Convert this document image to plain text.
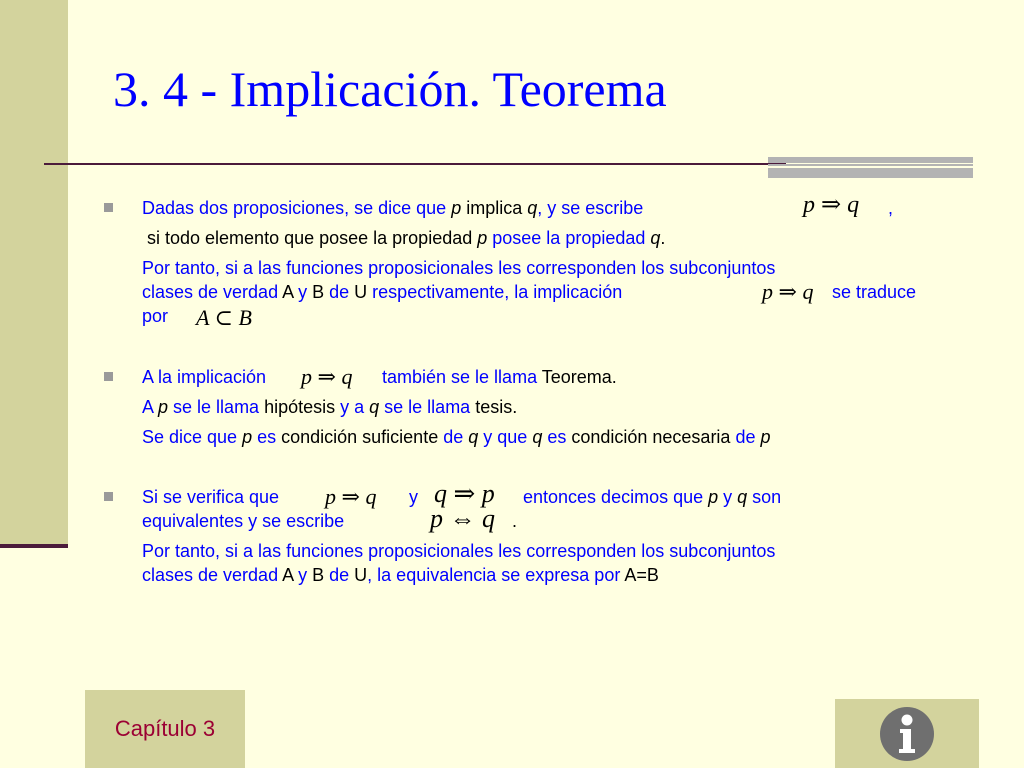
3. 4 - Implicación. Teorema
Dadas dos proposiciones, se dice que p implica q, y se escribe	p ⇒ q ,
si todo elemento que posee la propiedad p posee la propiedad q.
Por tanto, si a las funciones proposicionales les corresponden los subconjuntos
clases de verdad A y B de U respectivamente, la implicación	p ⇒ q se traduce
por A ⊂ B
A la implicación p ⇒ q también se le llama Teorema.
A p se le llama hipótesis y a q se le llama tesis.
Se dice que p es condición suficiente de q y que q es condición necesaria de p
Si se verifica que p ⇒ q y q ⇒ p entonces decimos que p y q son
equivalentes y se escribe	p ⇔ q .
Por tanto, si a las funciones proposicionales les corresponden los subconjuntos
clases de verdad A y B de U, la equivalencia se expresa por A=B
Capítulo 3
